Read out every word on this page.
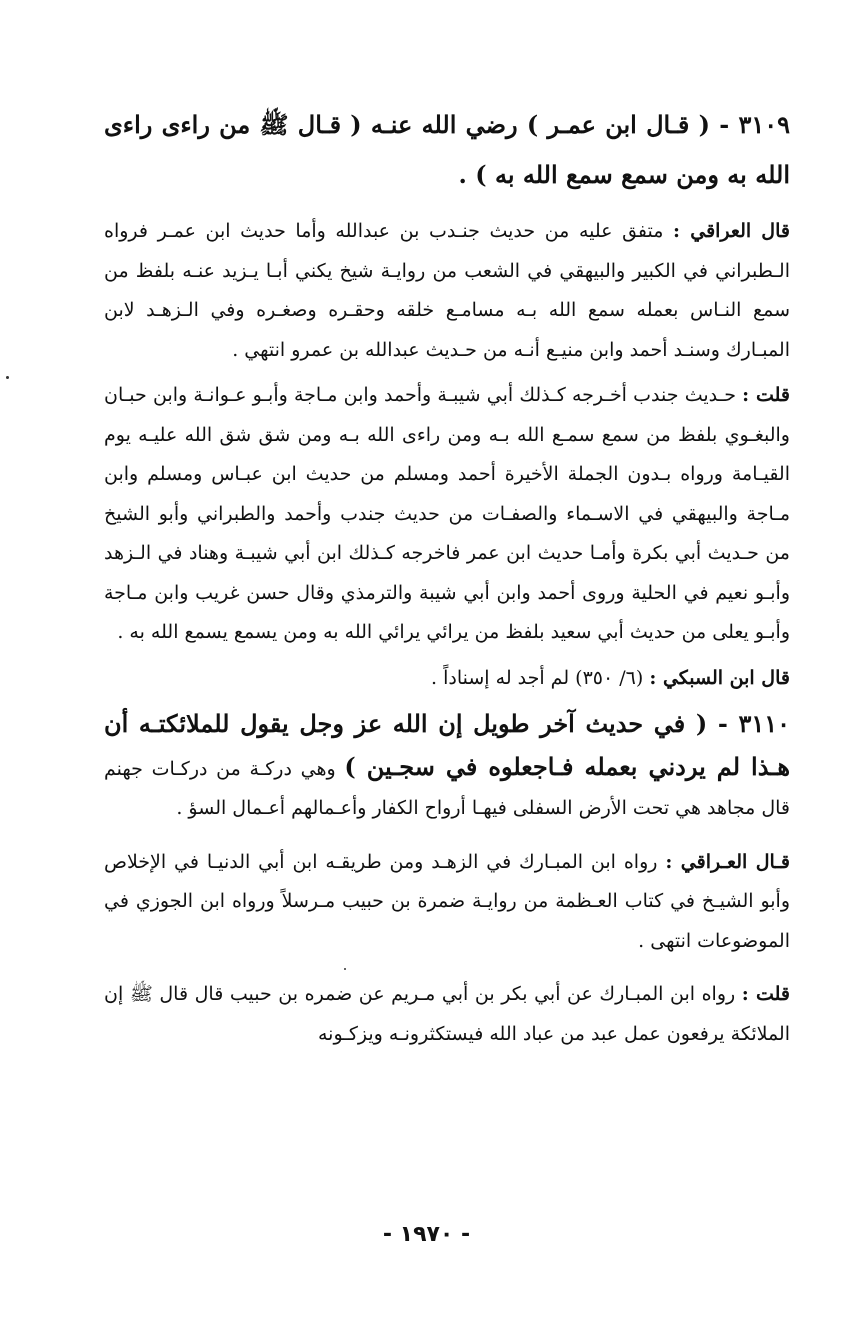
٣١٠٩ - ( قـال ابن عمـر ) رضي الله عنـه ( قـال ﷺ من راءى راءى الله به ومن سمع سمع الله به ) .
قال العراقي : متفق عليه من حديث جنـدب بن عبدالله وأما حديث ابن عمـر فرواه الـطبراني في الكبير والبيهقي في الشعب من روايـة شيخ يكني أبـا يـزيد عنـه بلفظ من سمع النـاس بعمله سمع الله بـه مسامـع خلقه وحقـره وصغـره وفي الـزهـد لابن المبـارك وسنـد أحمد وابن منيـع أنـه من حـديث عبدالله بن عمرو انتهي .
قلت : حـديث جندب أخـرجه كـذلك أبي شيبـة وأحمد وابن مـاجة وأبـو عـوانـة وابن حبـان والبغـوي بلفظ من سمع سمـع الله بـه ومن راءى الله بـه ومن شق شق الله عليـه يوم القيـامة ورواه بـدون الجملة الأخيرة أحمد ومسلم من حديث ابن عبـاس ومسلم وابن مـاجة والبيهقي في الاسـماء والصفـات من حديث جندب وأحمد والطبراني وأبو الشيخ من حـديث أبي بكرة وأمـا حديث ابن عمر فاخرجه كـذلك ابن أبي شيبـة وهناد في الـزهد وأبـو نعيم في الحلية وروى أحمد وابن أبي شيبة والترمذي وقال حسن غريب وابن مـاجة وأبـو يعلى من حديث أبي سعيد بلفظ من يرائي يرائي الله به ومن يسمع يسمع الله به .
قال ابن السبكي : (٦/ ٣٥٠) لم أجد له إسناداً .
٣١١٠ - ( في حديث آخر طويل إن الله عز وجل يقول للملائكتـه أن هـذا لم يردني بعمله فـاجعلوه في سجـين ) وهي دركـة من دركـات جهنم قال مجاهد هي تحت الأرض السفلى فيهـا أرواح الكفار وأعـمالهم أعـمال السؤ .
قـال العـراقي : رواه ابن المبـارك في الزهـد ومن طريقـه ابن أبي الدنيـا في الإخلاص وأبو الشيـخ في كتاب العـظمة من روايـة ضمرة بن حبيب مـرسلاً ورواه ابن الجوزي في الموضوعات انتهى .
قلت : رواه ابن المبـارك عن أبي بكر بن أبي مـريم عن ضمره بن حبيب قال قال ﷺ إن الملائكة يرفعون عمل عبد من عباد الله فيستكثرونـه ويزكـونه
- ١٩٧٠ -
